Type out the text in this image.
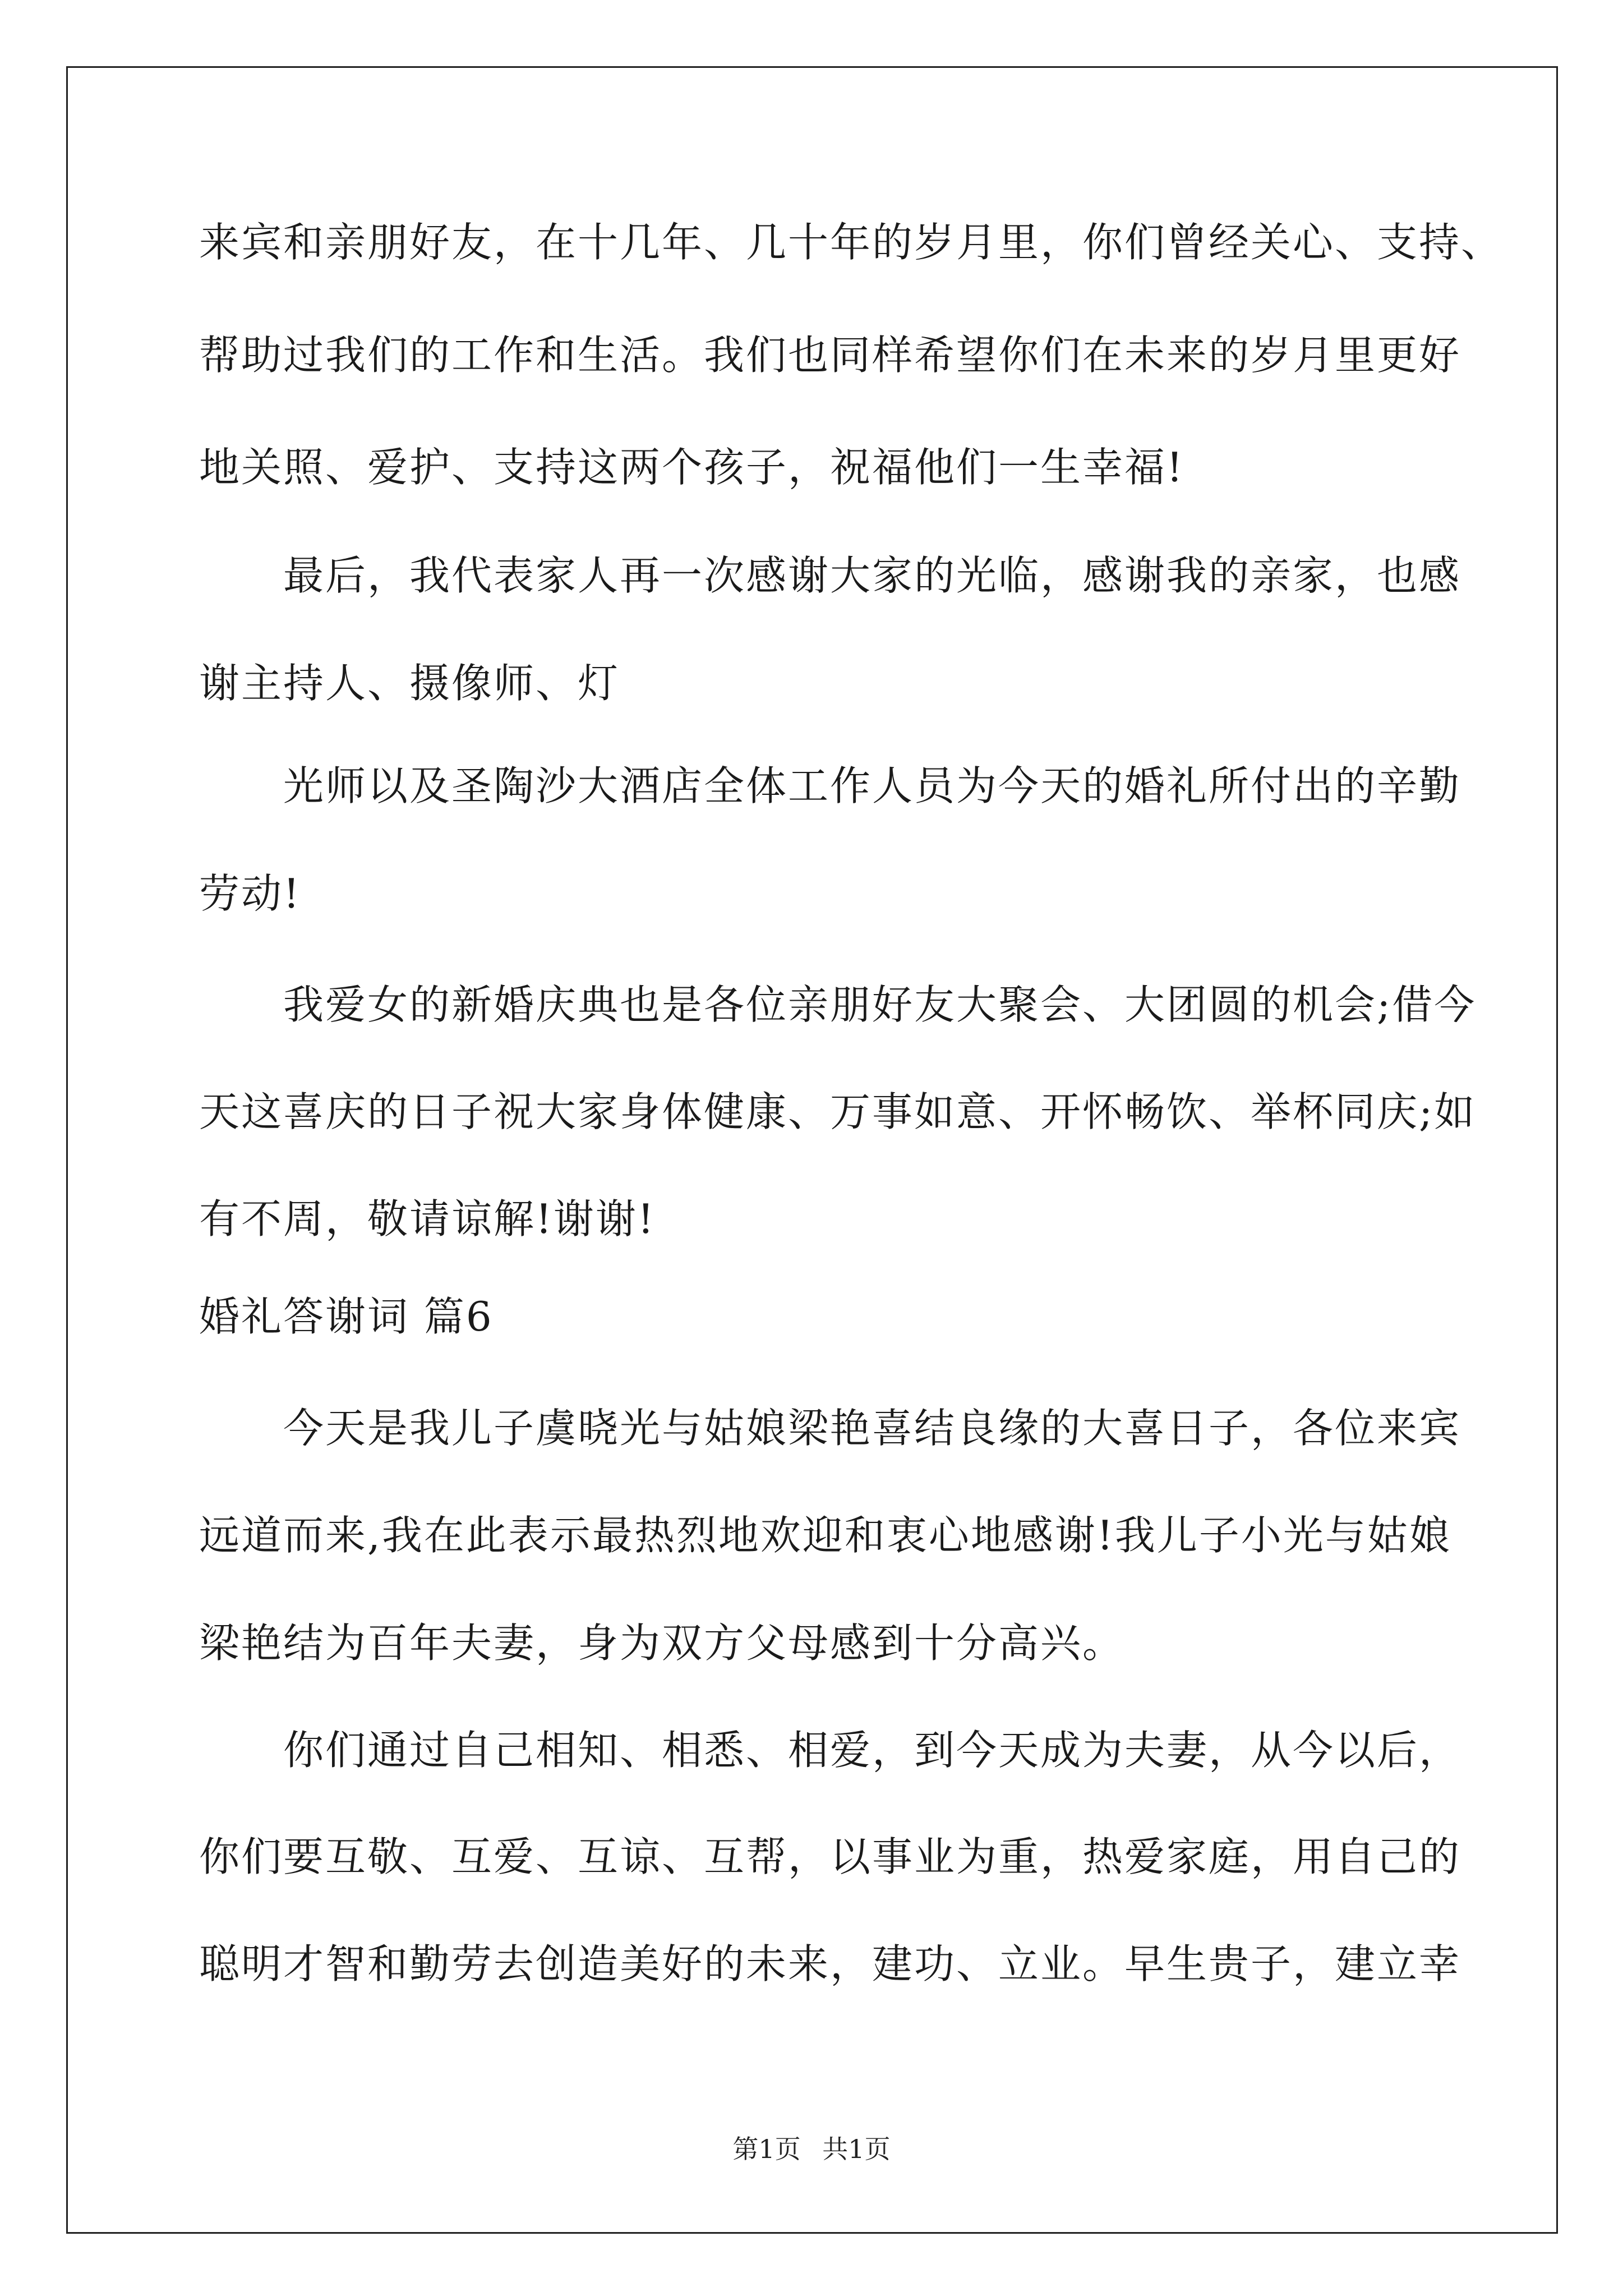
来宾和亲朋好友，在十几年、几十年的岁月里，你们曾经关心、支持、
帮助过我们的工作和生活。我们也同样希望你们在未来的岁月里更好
地关照、爱护、支持这两个孩子，祝福他们一生幸福!
最后，我代表家人再一次感谢大家的光临，感谢我的亲家，也感
谢主持人、摄像师、灯
光师以及圣陶沙大酒店全体工作人员为今天的婚礼所付出的辛勤
劳动!
我爱女的新婚庆典也是各位亲朋好友大聚会、大团圆的机会;借今
天这喜庆的日子祝大家身体健康、万事如意、开怀畅饮、举杯同庆;如
有不周，敬请谅解!谢谢!
婚礼答谢词 篇6
今天是我儿子虞晓光与姑娘梁艳喜结良缘的大喜日子，各位来宾
远道而来,我在此表示最热烈地欢迎和衷心地感谢!我儿子小光与姑娘
梁艳结为百年夫妻，身为双方父母感到十分高兴。
你们通过自己相知、相悉、相爱，到今天成为夫妻，从今以后，
你们要互敬、互爱、互谅、互帮，以事业为重，热爱家庭，用自己的
聪明才智和勤劳去创造美好的未来，建功、立业。早生贵子，建立幸
第1页 共1页
